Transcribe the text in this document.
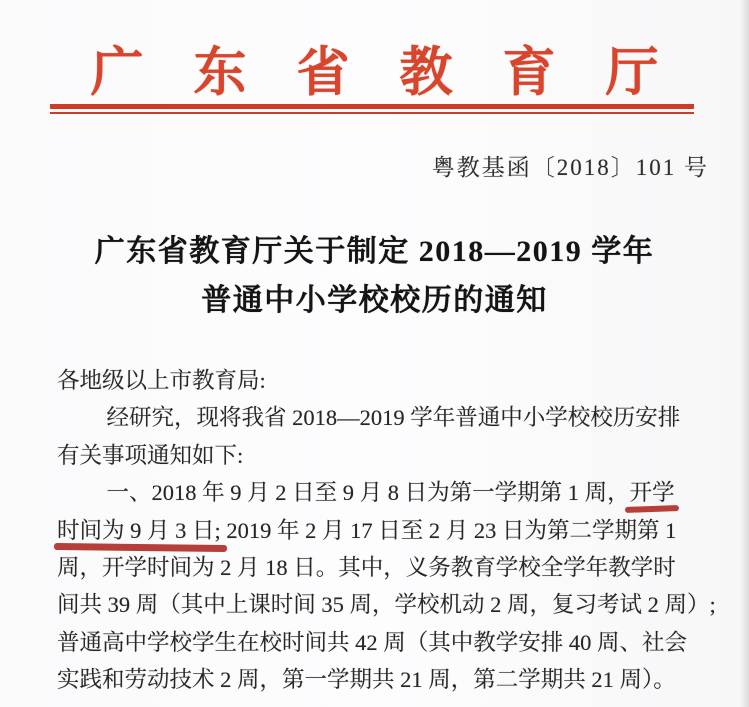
广东省教育厅
粤教基函〔2018〕101 号
广东省教育厅关于制定 2018—2019 学年
普通中小学校校历的通知
各地级以上市教育局:
经研究，现将我省 2018—2019 学年普通中小学校校历安排
有关事项通知如下:
一、2018 年 9 月 2 日至 9 月 8 日为第一学期第 1 周，开学
时间为 9 月 3 日; 2019 年 2 月 17 日至 2 月 23 日为第二学期第 1
周，开学时间为 2 月 18 日。其中，义务教育学校全学年教学时
间共 39 周（其中上课时间 35 周，学校机动 2 周，复习考试 2 周）;
普通高中学校学生在校时间共 42 周（其中教学安排 40 周、社会
实践和劳动技术 2 周，第一学期共 21 周，第二学期共 21 周）。
